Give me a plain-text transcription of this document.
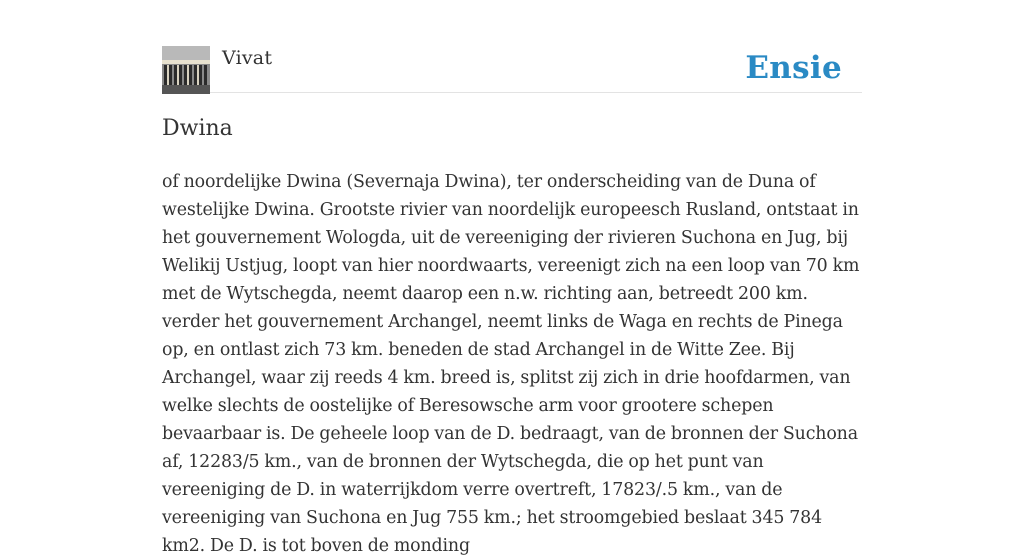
Vivat	Ensie
Dwina

of noordelijke Dwina (Severnaja Dwina), ter onderscheiding van de Duna of westelijke Dwina. Grootste rivier van noordelijk europeesch Rusland, ontstaat in het gouvernement Wologda, uit de vereeniging der rivieren Suchona en Jug, bij Welikij Ustjug, loopt van hier noordwaarts, vereenigt zich na een loop van 70 km met de Wytschegda, neemt daarop een n.w. richting aan, betreedt 200 km. verder het gouvernement Archangel, neemt links de Waga en rechts de Pinega op, en ontlast zich 73 km. beneden de stad Archangel in de Witte Zee. Bij Archangel, waar zij reeds 4 km. breed is, splitst zij zich in drie hoofdarmen, van welke slechts de oostelijke of Beresowsche arm voor grootere schepen bevaarbaar is. De geheele loop van de D. bedraagt, van de bronnen der Suchona af, 12283/5 km., van de bronnen der Wytschegda, die op het punt van vereeniging de D. in waterrijkdom verre overtreft, 17823/.5 km., van de vereeniging van Suchona en Jug 755 km.; het stroomgebied beslaat 345 784 km2. De D. is tot boven de monding
